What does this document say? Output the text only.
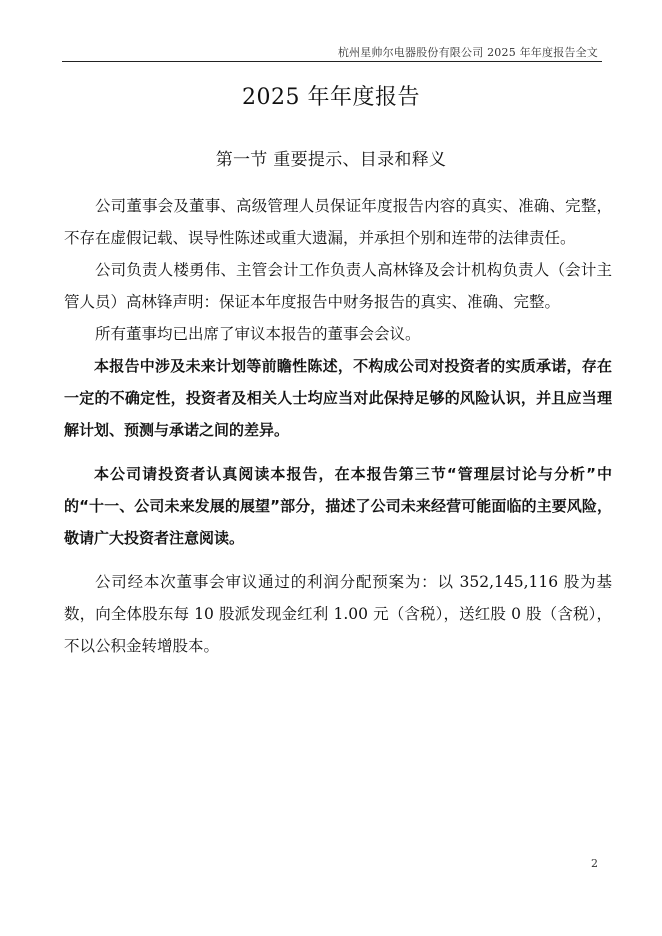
杭州星帅尔电器股份有限公司 2025 年年度报告全文
2025 年年度报告
第一节 重要提示、目录和释义

公司董事会及董事、高级管理人员保证年度报告内容的真实、准确、完整，不存在虚假记载、误导性陈述或重大遗漏，并承担个别和连带的法律责任。

公司负责人楼勇伟、主管会计工作负责人高林锋及会计机构负责人（会计主管人员）高林锋声明：保证本年度报告中财务报告的真实、准确、完整。

所有董事均已出席了审议本报告的董事会会议。

本报告中涉及未来计划等前瞻性陈述，不构成公司对投资者的实质承诺，存在一定的不确定性，投资者及相关人士均应当对此保持足够的风险认识，并且应当理解计划、预测与承诺之间的差异。

本公司请投资者认真阅读本报告，在本报告第三节“管理层讨论与分析”中的“十一、公司未来发展的展望”部分，描述了公司未来经营可能面临的主要风险，敬请广大投资者注意阅读。

公司经本次董事会审议通过的利润分配预案为：以 352,145,116 股为基数，向全体股东每 10 股派发现金红利 1.00 元（含税），送红股 0 股（含税），不以公积金转增股本。

2
